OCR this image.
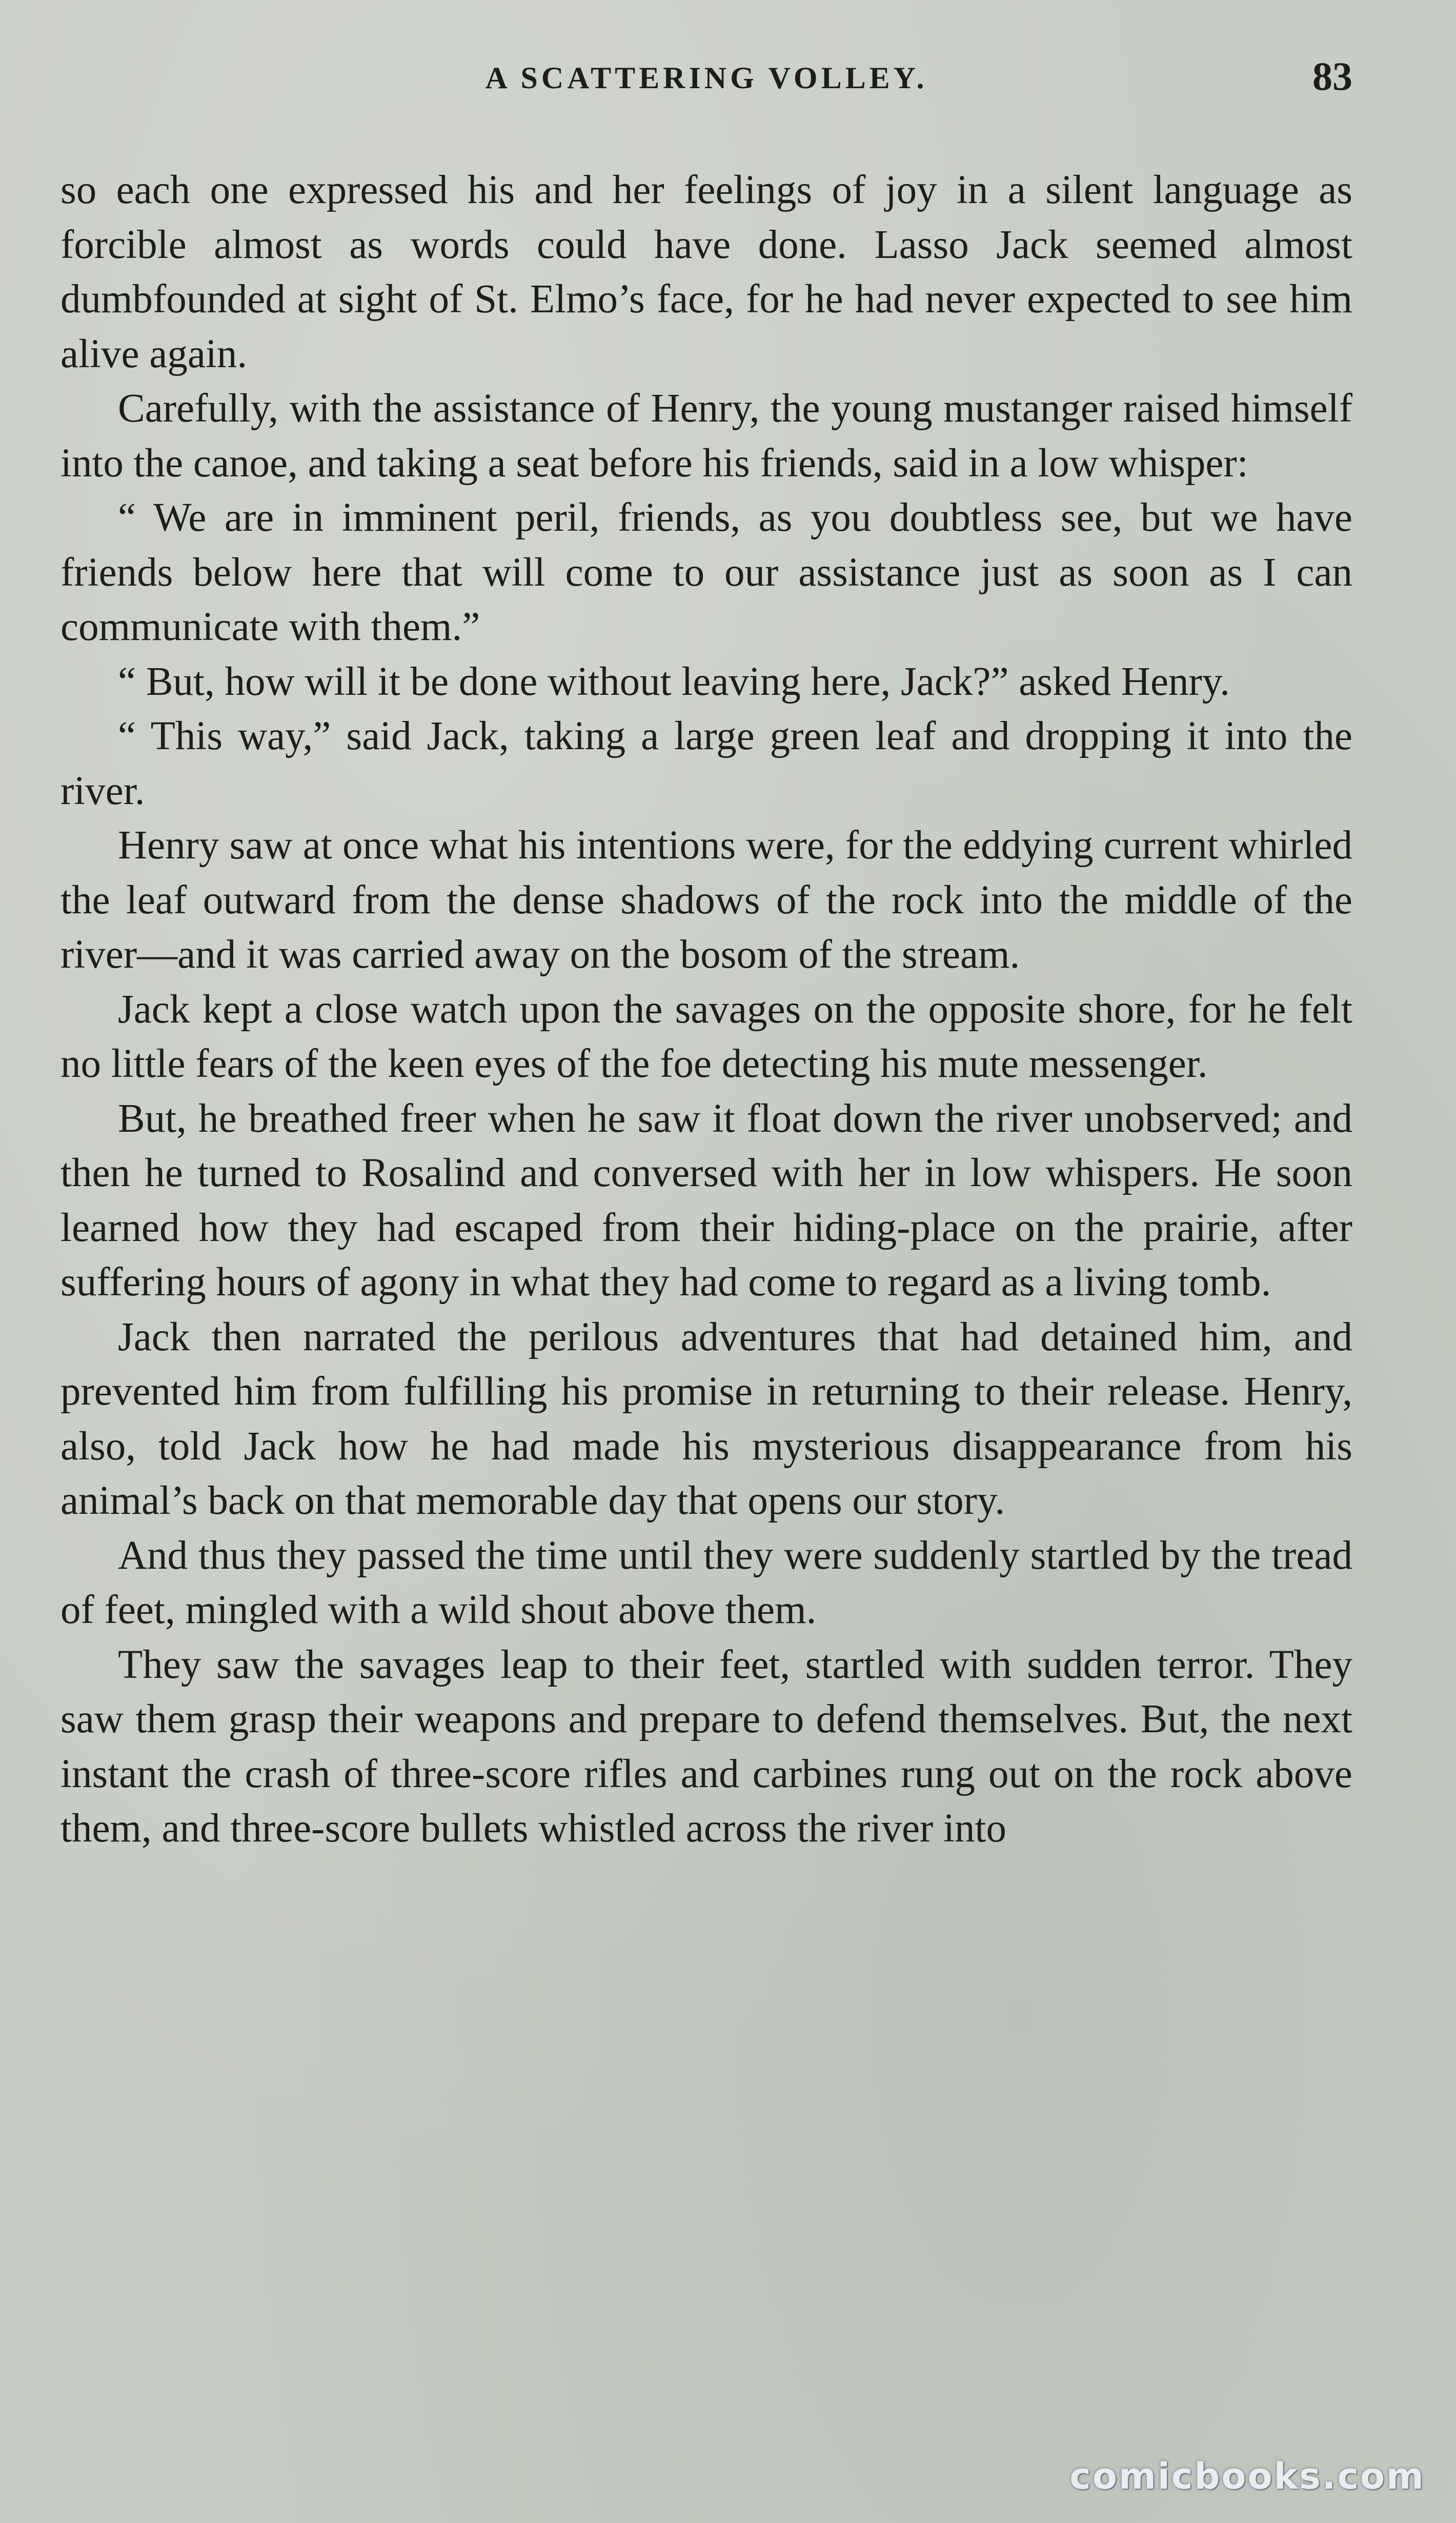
A SCATTERING VOLLEY.	83

so each one expressed his and her feelings of joy in a silent language as forcible almost as words could have done. Lasso Jack seemed almost dumbfounded at sight of St. Elmo’s face, for he had never expected to see him alive again.

Carefully, with the assistance of Henry, the young mustanger raised himself into the canoe, and taking a seat before his friends, said in a low whisper:

“ We are in imminent peril, friends, as you doubtless see, but we have friends below here that will come to our assistance just as soon as I can communicate with them.”

“ But, how will it be done without leaving here, Jack?” asked Henry.

“ This way,” said Jack, taking a large green leaf and dropping it into the river.

Henry saw at once what his intentions were, for the eddying current whirled the leaf outward from the dense shadows of the rock into the middle of the river—and it was carried away on the bosom of the stream.

Jack kept a close watch upon the savages on the opposite shore, for he felt no little fears of the keen eyes of the foe detecting his mute messenger.

But, he breathed freer when he saw it float down the river unobserved; and then he turned to Rosalind and conversed with her in low whispers. He soon learned how they had escaped from their hiding-place on the prairie, after suffering hours of agony in what they had come to regard as a living tomb.

Jack then narrated the perilous adventures that had detained him, and prevented him from fulfilling his promise in returning to their release. Henry, also, told Jack how he had made his mysterious disappearance from his animal’s back on that memorable day that opens our story.

And thus they passed the time until they were suddenly startled by the tread of feet, mingled with a wild shout above them.

They saw the savages leap to their feet, startled with sudden terror. They saw them grasp their weapons and prepare to defend themselves. But, the next instant the crash of three-score rifles and carbines rung out on the rock above them, and three-score bullets whistled across the river into

comicbooks.com
